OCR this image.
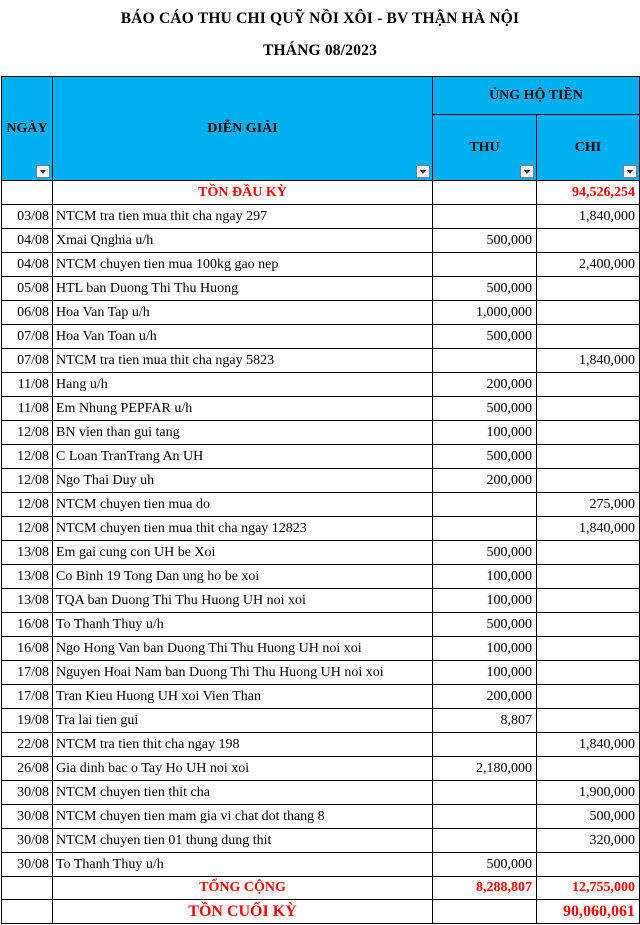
BÁO CÁO THU CHI QUỸ NỒI XÔI - BV THẬN HÀ NỘI
THÁNG 08/2023
NGÀY	DIỄN GIẢI	ỦNG HỘ TIỀN	
		THU	CHI

	TỒN ĐẦU KỲ		94,526,254
03/08	NTCM tra tien mua thit cha ngay 297		1,840,000
04/08	Xmai Qnghia u/h	500,000	
04/08	NTCM chuyen tien mua 100kg gao nep		2,400,000
05/08	HTL ban Duong Thi Thu Huong	500,000	
06/08	Hoa Van Tap u/h	1,000,000	
07/08	Hoa Van Toan u/h	500,000	
07/08	NTCM tra tien mua thit cha ngay 5823		1,840,000
11/08	Hang u/h	200,000	
11/08	Em Nhung PEPFAR u/h	500,000	
12/08	BN vien than gui tang	100,000	
12/08	C Loan TranTrang An UH	500,000	
12/08	Ngo Thai Duy uh	200,000	
12/08	NTCM chuyen tien mua do		275,000
12/08	NTCM chuyen tien mua thit cha ngay 12823		1,840,000
13/08	Em gai cung con UH be Xoi	500,000	
13/08	Co Binh 19 Tong Dan ung ho be xoi	100,000	
13/08	TQA ban Duong Thi Thu Huong UH noi xoi	100,000	
16/08	To Thanh Thuy u/h	500,000	
16/08	Ngo Hong Van ban Duong Thi Thu Huong UH noi xoi	100,000	
17/08	Nguyen Hoai Nam ban Duong Thi Thu Huong UH noi xoi	100,000	
17/08	Tran Kieu Huong UH xoi Vien Than	200,000	
19/08	Tra lai tien gui	8,807	
22/08	NTCM tra tien thit cha ngay 198		1,840,000
26/08	Gia dinh bac o Tay Ho UH noi xoi	2,180,000	
30/08	NTCM chuyen tien thit cha		1,900,000
30/08	NTCM chuyen tien mam gia vi chat dot thang 8		500,000
30/08	NTCM chuyen tien 01 thung dung thit		320,000
30/08	To Thanh Thuy u/h	500,000	
	TỔNG CỘNG	8,288,807	12,755,000
	TỒN CUỐI KỲ		90,060,061
